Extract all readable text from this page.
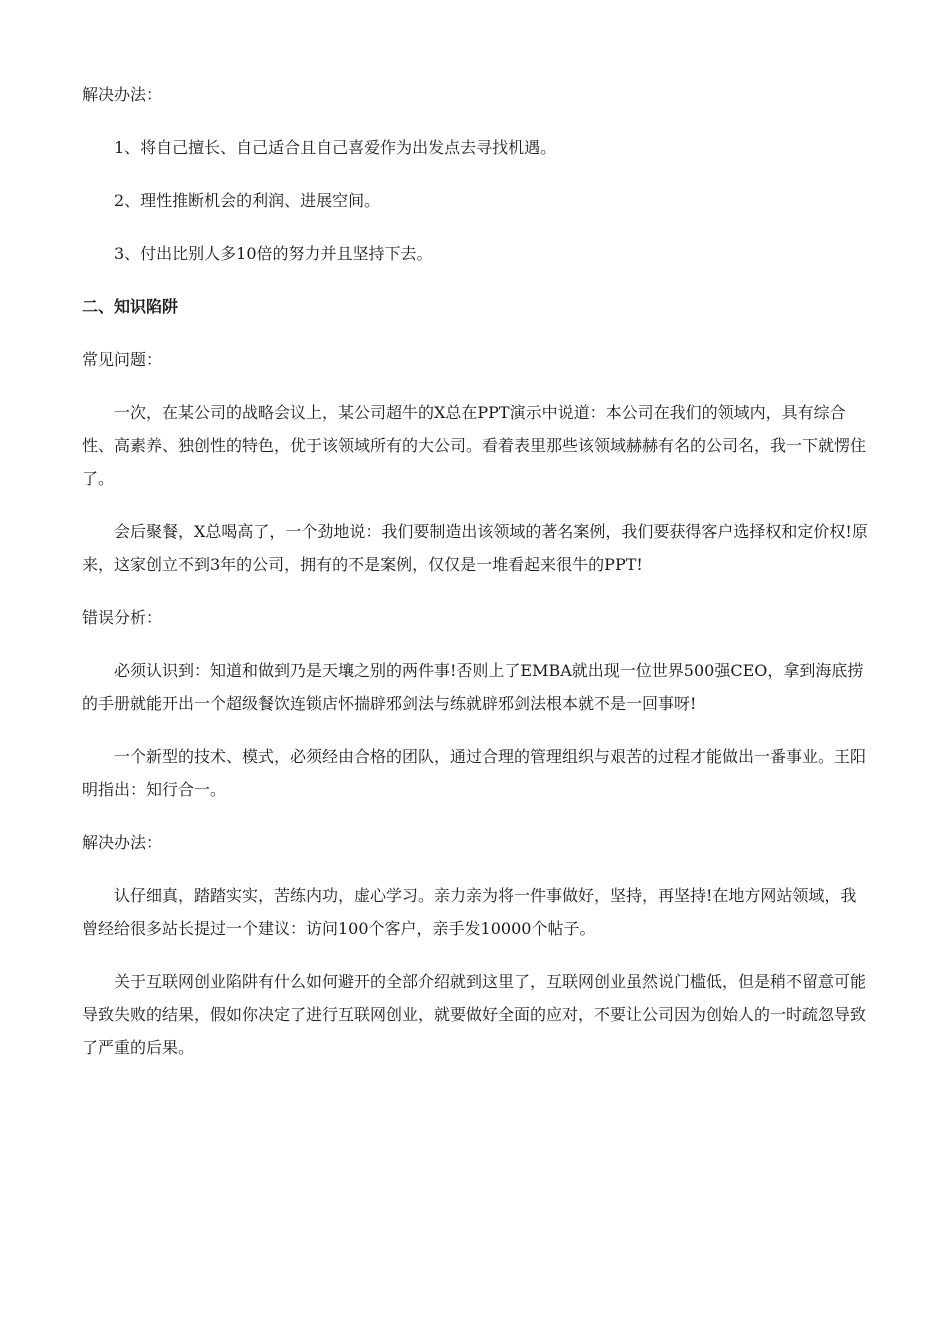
解决办法：

1、将自己擅长、自己适合且自己喜爱作为出发点去寻找机遇。

2、理性推断机会的利润、进展空间。

3、付出比别人多10倍的努力并且坚持下去。

二、知识陷阱

常见问题：

一次，在某公司的战略会议上，某公司超牛的X总在PPT演示中说道：本公司在我们的领域内，具有综合性、高素养、独创性的特色，优于该领域所有的大公司。看着表里那些该领域赫赫有名的公司名，我一下就愣住了。

会后聚餐，X总喝高了，一个劲地说：我们要制造出该领域的著名案例，我们要获得客户选择权和定价权!原来，这家创立不到3年的公司，拥有的不是案例，仅仅是一堆看起来很牛的PPT!

错误分析：

必须认识到：知道和做到乃是天壤之别的两件事!否则上了EMBA就出现一位世界500强CEO，拿到海底捞的手册就能开出一个超级餐饮连锁店怀揣辟邪剑法与练就辟邪剑法根本就不是一回事呀!

一个新型的技术、模式，必须经由合格的团队，通过合理的管理组织与艰苦的过程才能做出一番事业。王阳明指出：知行合一。

解决办法：

认仔细真，踏踏实实，苦练内功，虚心学习。亲力亲为将一件事做好，坚持，再坚持!在地方网站领域，我曾经给很多站长提过一个建议：访问100个客户，亲手发10000个帖子。

关于互联网创业陷阱有什么如何避开的全部介绍就到这里了，互联网创业虽然说门槛低，但是稍不留意可能导致失败的结果，假如你决定了进行互联网创业，就要做好全面的应对，不要让公司因为创始人的一时疏忽导致了严重的后果。
